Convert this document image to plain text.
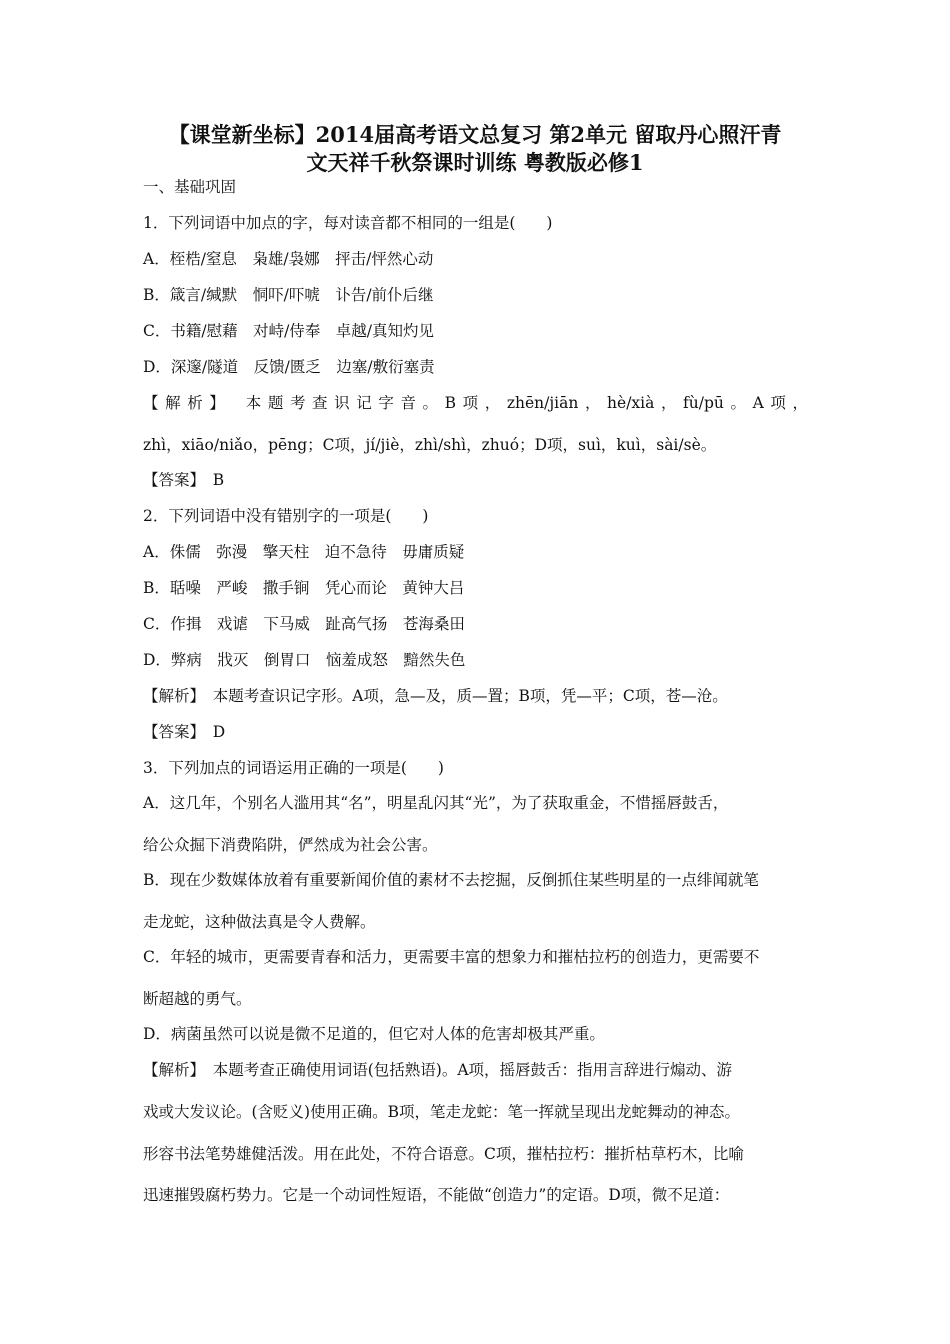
【课堂新坐标】2014届高考语文总复习 第2单元 留取丹心照汗青
文天祥千秋祭课时训练 粤教版必修1
一、基础巩固
1．下列词语中加点的字，每对读音都不相同的一组是(　　)
A．桎梏/窒息　枭雄/袅娜　抨击/怦然心动
B．箴言/缄默　恫吓/吓唬　讣告/前仆后继
C．书籍/慰藉　对峙/侍奉　卓越/真知灼见
D．深邃/隧道　反馈/匮乏　边塞/敷衍塞责
【解析】　本题考查识记字音。B项，zhēn/jiān，hè/xià，fù/pū。A项，
zhì，xiāo/niǎo，pēng；C项，jí/jiè，zhì/shì，zhuó；D项，suì，kuì，sài/sè。
【答案】　B
2．下列词语中没有错别字的一项是(　　)
A．侏儒　弥漫　擎天柱　迫不急待　毋庸质疑
B．聒噪　严峻　撒手锏　凭心而论　黄钟大吕
C．作揖　戏谑　下马威　趾高气扬　苍海桑田
D．弊病　戕灭　倒胃口　恼羞成怒　黯然失色
【解析】　本题考查识记字形。A项，急—及，质—置；B项，凭—平；C项，苍—沧。
【答案】　D
3．下列加点的词语运用正确的一项是(　　)
A．这几年，个别名人滥用其“名”，明星乱闪其“光”，为了获取重金，不惜摇唇鼓舌，
给公众掘下消费陷阱，俨然成为社会公害。
B．现在少数媒体放着有重要新闻价值的素材不去挖掘，反倒抓住某些明星的一点绯闻就笔
走龙蛇，这种做法真是令人费解。
C．年轻的城市，更需要青春和活力，更需要丰富的想象力和摧枯拉朽的创造力，更需要不
断超越的勇气。
D．病菌虽然可以说是微不足道的，但它对人体的危害却极其严重。
【解析】　本题考查正确使用词语(包括熟语)。A项，摇唇鼓舌：指用言辞进行煽动、游
戏或大发议论。(含贬义)使用正确。B项，笔走龙蛇：笔一挥就呈现出龙蛇舞动的神态。
形容书法笔势雄健活泼。用在此处，不符合语意。C项，摧枯拉朽：摧折枯草朽木，比喻
迅速摧毁腐朽势力。它是一个动词性短语，不能做“创造力”的定语。D项，微不足道：
